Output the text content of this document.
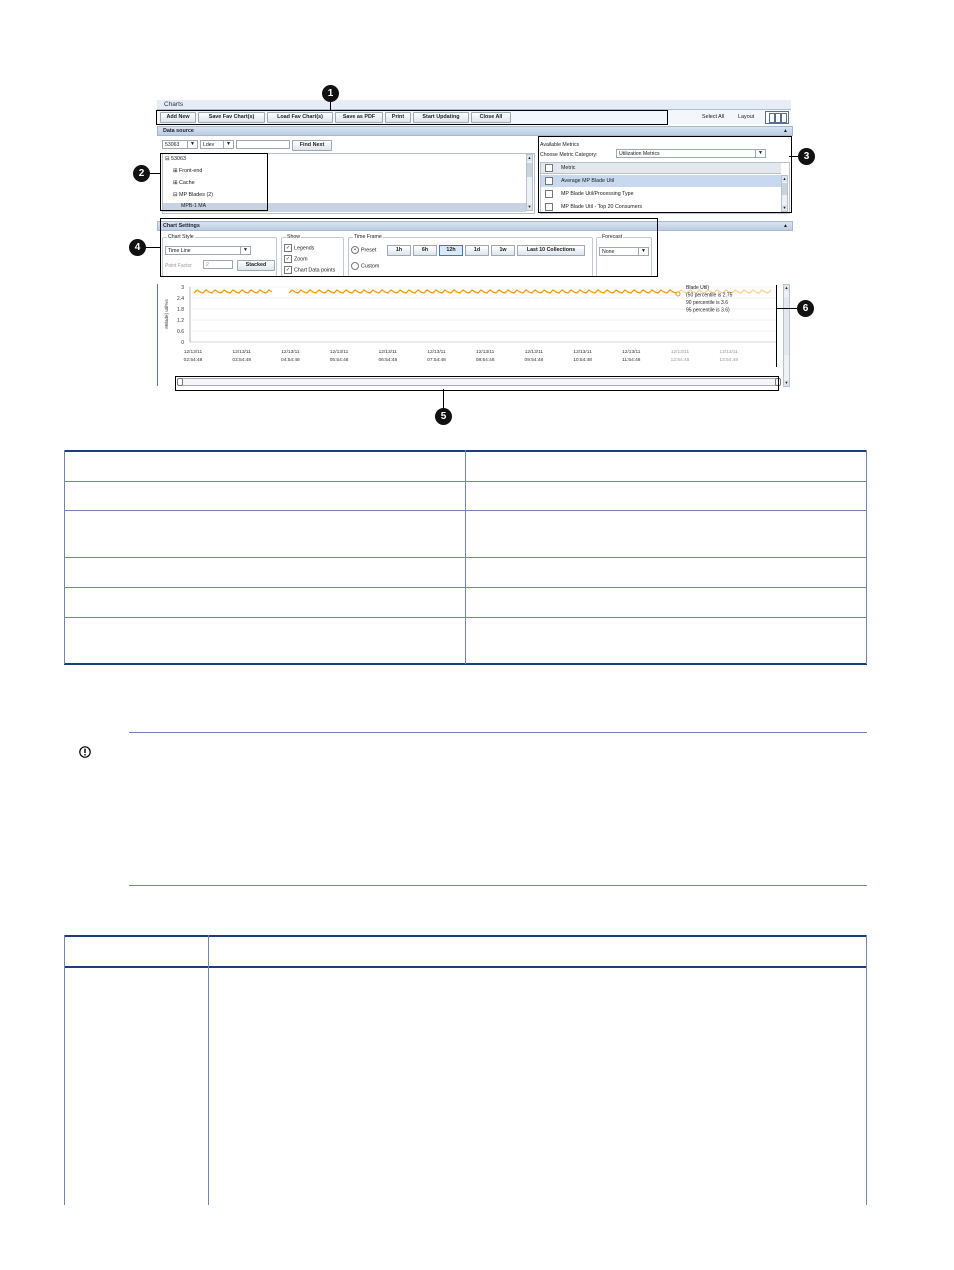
Charts
Add New	Save Fav Chart(s)	Load Fav Chart(s)	Save as PDF	Print	Start Updating	Close All	Select All	Layout
Data source	▲
53063	▼	Ldev	▼	Find Next
⊟ 53063
⊞ Front-end
⊞ Cache
⊟ MP Blades (2)
MPB-1 MA
▲
▼
Available Metrics
Choose Metric Category:	Utilization Metrics	▼
Metric
Average MP Blade Util
MP Blade Util/Processing Type
MP Blade Util - Top 20 Consumers
▲
▼
Chart Settings	▲
Chart Style
Time Line	▼
Point Factor	2	Stacked
Show
✓ Legends
✓ Zoom
✓ Chart Data points
Time Frame
• Preset
Custom
1h	6h	12h	1d	1w	Last 10 Collections
Forecast
None	▼
3
2.4
1.8
1.2
0.6
0
eBlade) util%s
12/13/11
02:54:48
12/13/11
03:54:48
12/13/11
04:54:48
12/13/11
05:54:48
12/13/11
06:54:48
12/13/11
07:54:48
12/13/11
08:54:48
12/13/11
09:54:48
12/13/11
10:54:48
12/13/11
11:54:48
12/13/11
12:54:48
12/13/11
13:54:48
Blade Util)
(50 percentile is 2.75
90 percentile is 3.6
95 percentile is 3.6)
▲
▼
1
2
3
4
5
6
